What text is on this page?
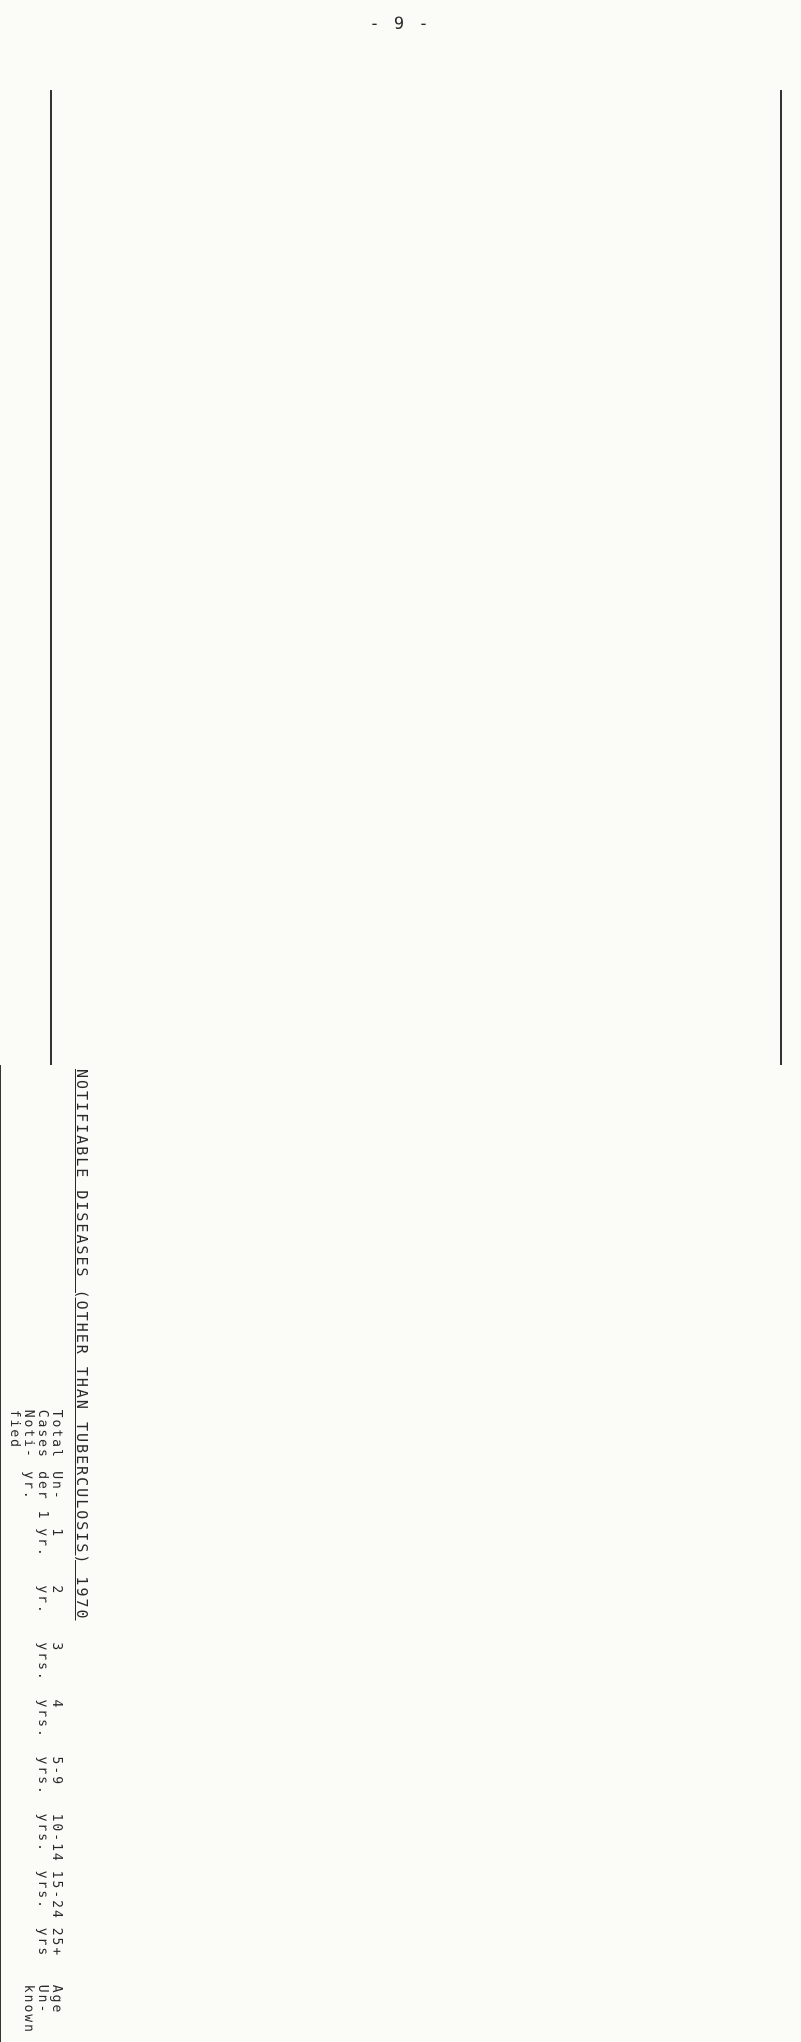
- 9 -
NOTIFIABLE DISEASES (OTHER THAN TUBERCULOSIS) 1970
	Total
Cases
Noti-
fied	Un-
der 1
yr.	1
yr.	2
yr.	3
yrs.	4
yrs.	5-9
yrs.	10-14
yrs.	15-24
yrs.	25+
yrs	Age
Un-
known
